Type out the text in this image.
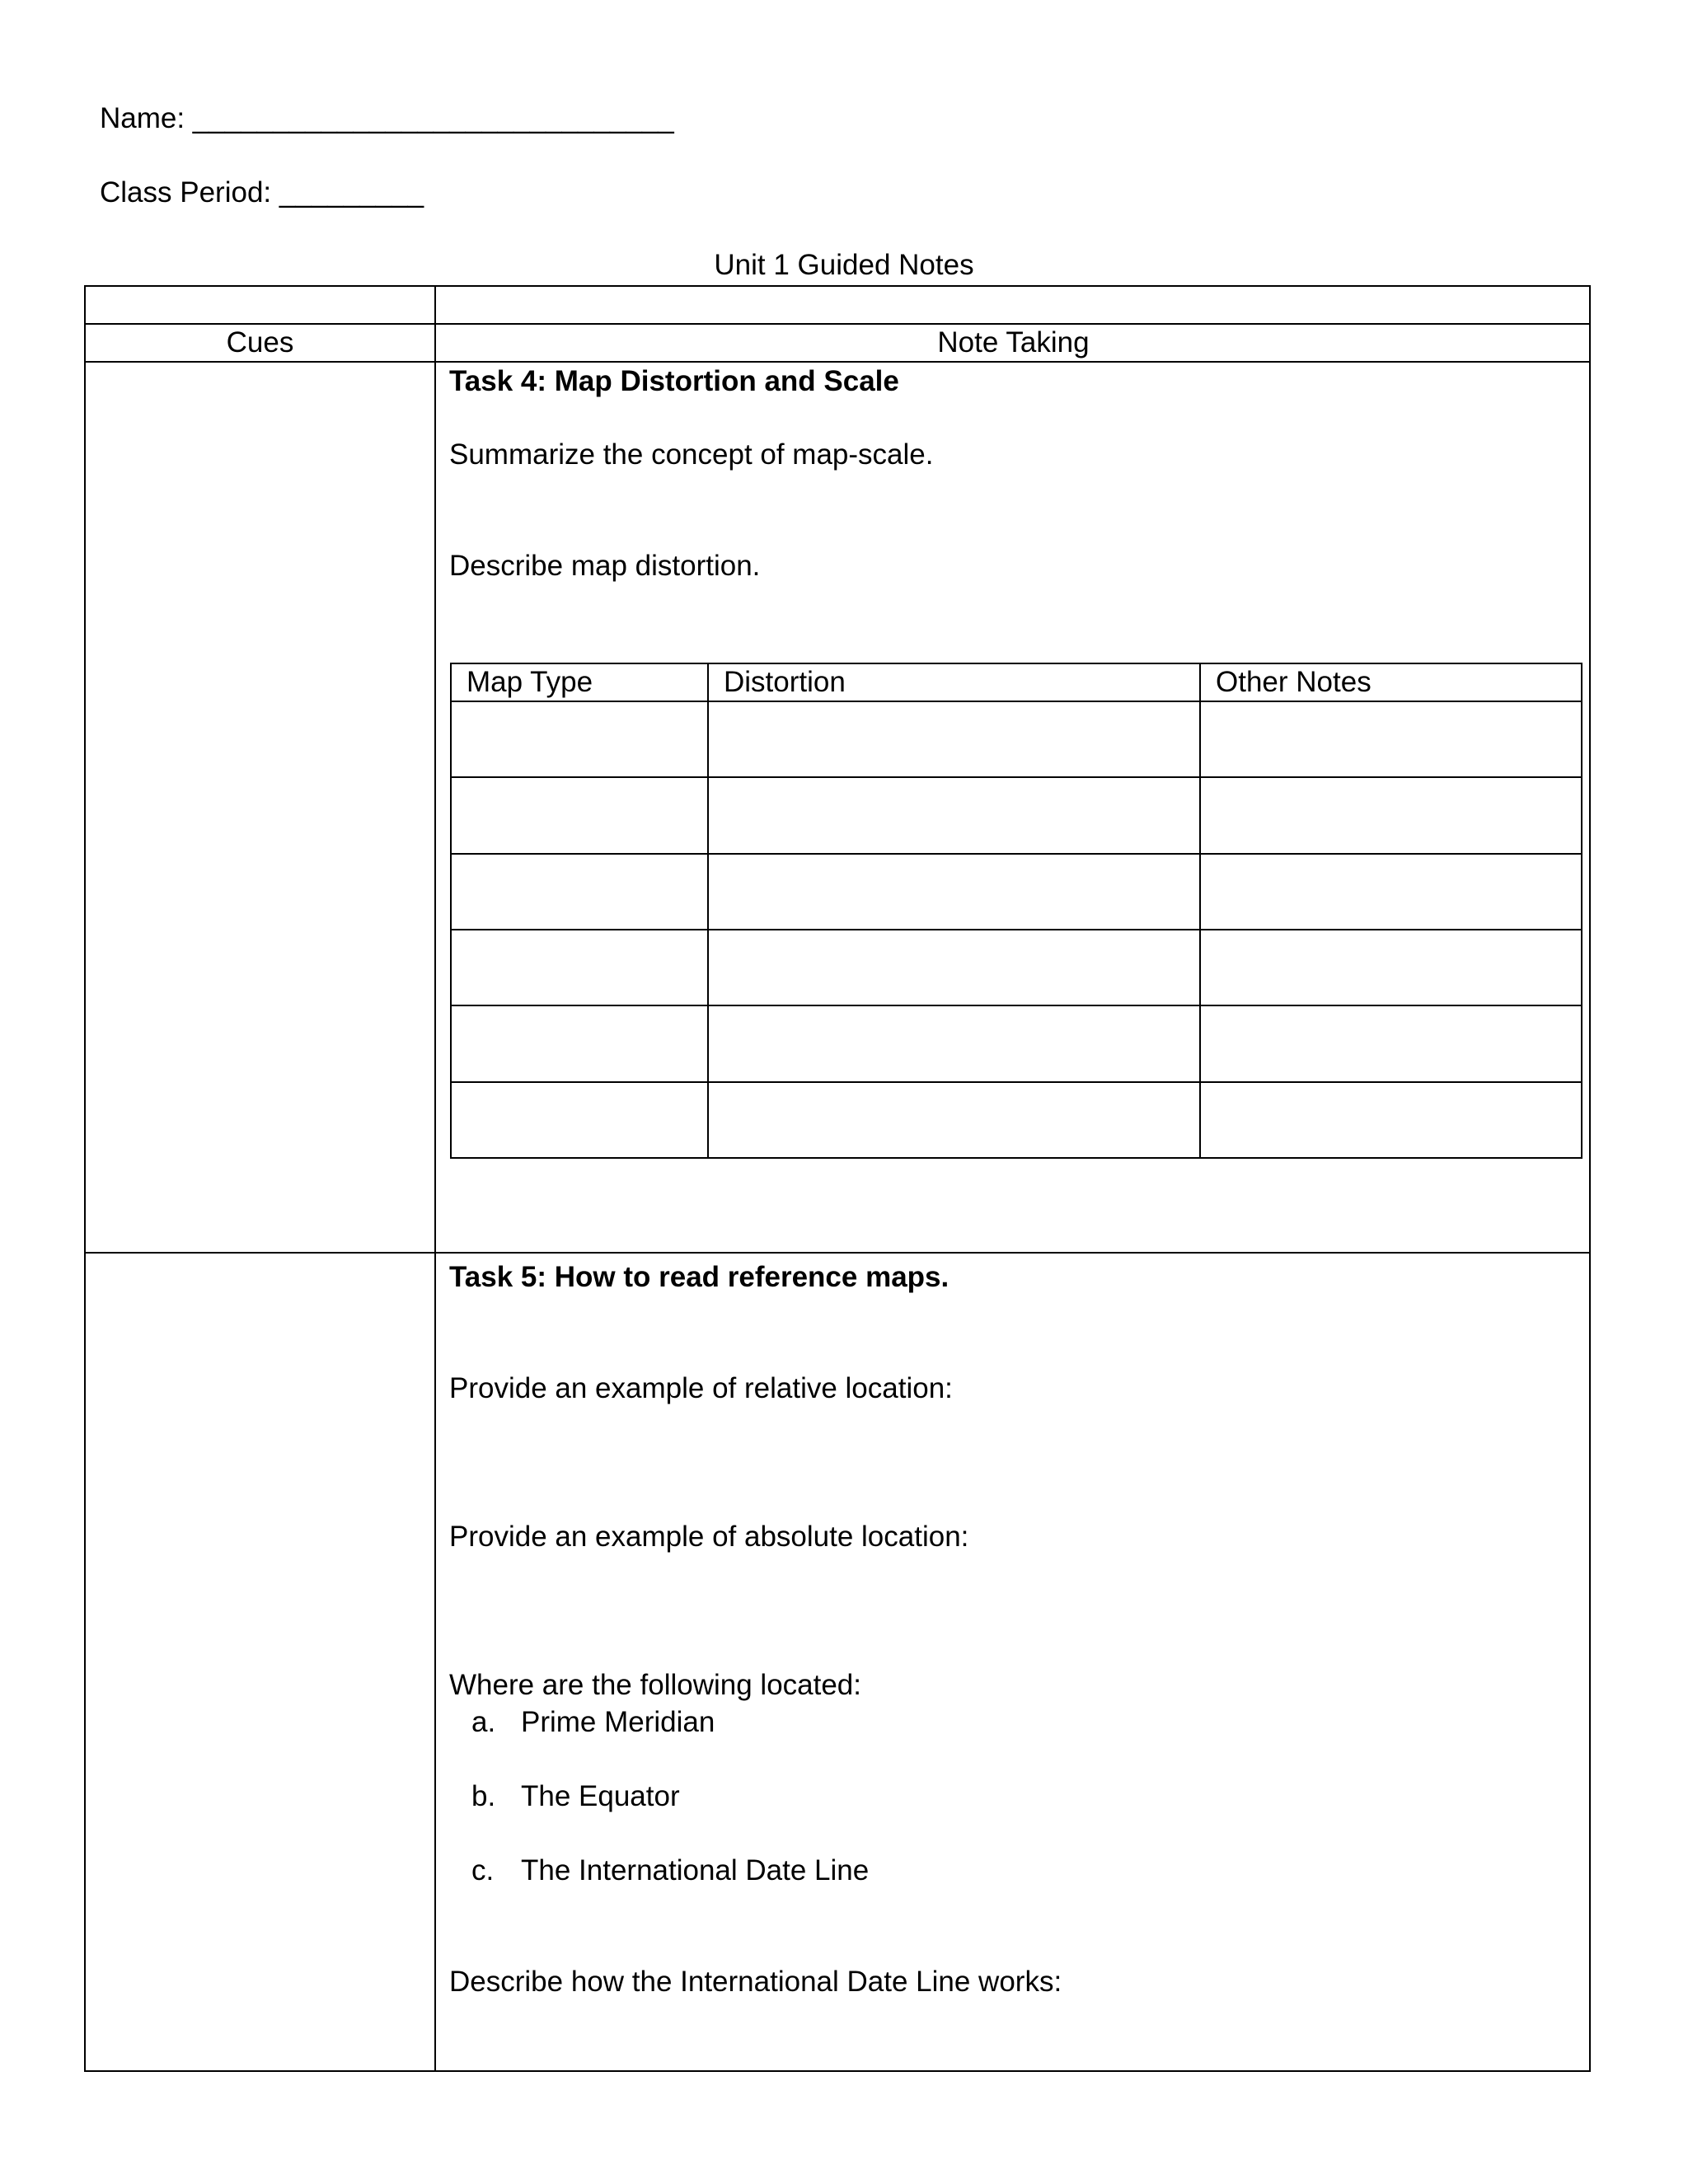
Name: ______________________________
Class Period: _________
Unit 1 Guided Notes
Cues	Note Taking
Task 4: Map Distortion and Scale
Summarize the concept of map-scale.
Describe map distortion.
Map Type	Distortion	Other Notes

Task 5: How to read reference maps.
Provide an example of relative location:
Provide an example of absolute location:
Where are the following located:
a. Prime Meridian
b. The Equator
c. The International Date Line
Describe how the International Date Line works:
